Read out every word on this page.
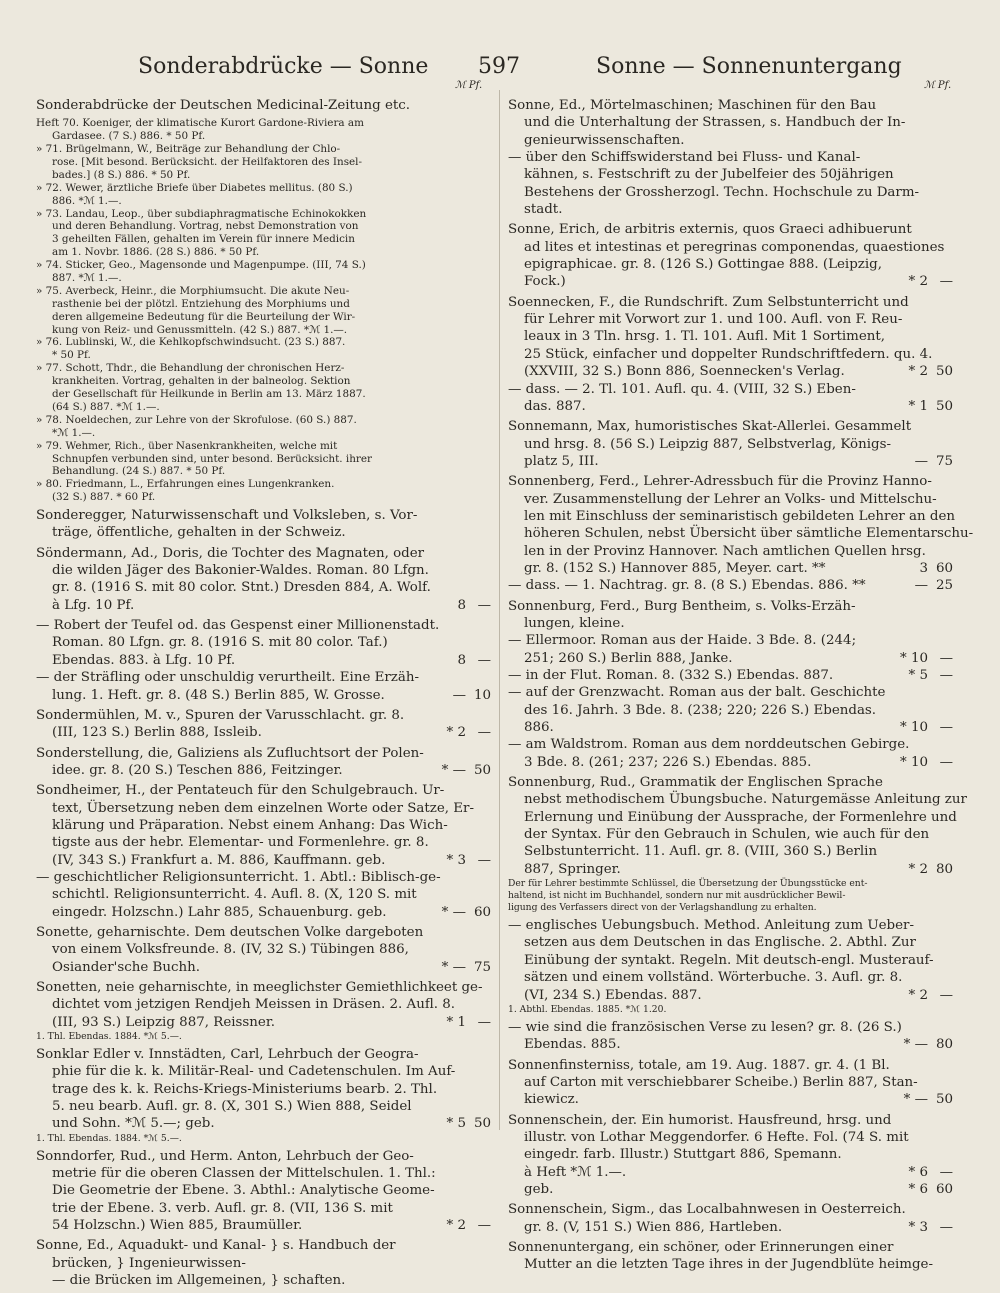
Sonderabdrücke — Sonne 597	Sonne — Sonnenuntergang
ℳ Pf.	ℳ Pf.
Sonderabdrücke der Deutschen Medicinal-Zeitung etc.
Heft 70. Koeniger, der klimatische Kurort Gardone-Riviera am
Gardasee. (7 S.) 886. * 50 Pf.
» 71. Brügelmann, W., Beiträge zur Behandlung der Chlo-
rose. [Mit besond. Berücksicht. der Heilfaktoren des Insel-
bades.] (8 S.) 886. * 50 Pf.
» 72. Wewer, ärztliche Briefe über Diabetes mellitus. (80 S.)
886. *ℳ 1.—.
» 73. Landau, Leop., über subdiaphragmatische Echinokokken
und deren Behandlung. Vortrag, nebst Demonstration von
3 geheilten Fällen, gehalten im Verein für innere Medicin
am 1. Novbr. 1886. (28 S.) 886. * 50 Pf.
» 74. Sticker, Geo., Magensonde und Magenpumpe. (III, 74 S.)
887. *ℳ 1.—.
» 75. Averbeck, Heinr., die Morphiumsucht. Die akute Neu-
rasthenie bei der plötzl. Entziehung des Morphiums und
deren allgemeine Bedeutung für die Beurteilung der Wir-
kung von Reiz- und Genussmitteln. (42 S.) 887. *ℳ 1.—.
» 76. Lublinski, W., die Kehlkopfschwindsucht. (23 S.) 887.
* 50 Pf.
» 77. Schott, Thdr., die Behandlung der chronischen Herz-
krankheiten. Vortrag, gehalten in der balneolog. Sektion
der Gesellschaft für Heilkunde in Berlin am 13. März 1887.
(64 S.) 887. *ℳ 1.—.
» 78. Noeldechen, zur Lehre von der Skrofulose. (60 S.) 887.
*ℳ 1.—.
» 79. Wehmer, Rich., über Nasenkrankheiten, welche mit
Schnupfen verbunden sind, unter besond. Berücksicht. ihrer
Behandlung. (24 S.) 887. * 50 Pf.
» 80. Friedmann, L., Erfahrungen eines Lungenkranken.
(32 S.) 887. * 60 Pf.
Sonderegger, Naturwissenschaft und Volksleben, s. Vor-
träge, öffentliche, gehalten in der Schweiz.
Söndermann, Ad., Doris, die Tochter des Magnaten, oder
die wilden Jäger des Bakonier-Waldes. Roman. 80 Lfgn.
gr. 8. (1916 S. mit 80 color. Stnt.) Dresden 884, A. Wolf.
à Lfg. 10 Pf.	8 —
— Robert der Teufel od. das Gespenst einer Millionenstadt.
Roman. 80 Lfgn. gr. 8. (1916 S. mit 80 color. Taf.)
Ebendas. 883. à Lfg. 10 Pf.	8 —
— der Sträfling oder unschuldig verurtheilt. Eine Erzäh-
lung. 1. Heft. gr. 8. (48 S.) Berlin 885, W. Grosse.	— 10
Sondermühlen, M. v., Spuren der Varusschlacht. gr. 8.
(III, 123 S.) Berlin 888, Issleib.	* 2 —
Sonderstellung, die, Galiziens als Zufluchtsort der Polen-
idee. gr. 8. (20 S.) Teschen 886, Feitzinger.	* — 50
Sondheimer, H., der Pentateuch für den Schulgebrauch. Ur-
text, Übersetzung neben dem einzelnen Worte oder Satze, Er-
klärung und Präparation. Nebst einem Anhang: Das Wich-
tigste aus der hebr. Elementar- und Formenlehre. gr. 8.
(IV, 343 S.) Frankfurt a. M. 886, Kauffmann. geb.	* 3 —
— geschichtlicher Religionsunterricht. 1. Abtl.: Biblisch-ge-
schichtl. Religionsunterricht. 4. Aufl. 8. (X, 120 S. mit
eingedr. Holzschn.) Lahr 885, Schauenburg. geb.	* — 60
Sonette, geharnischte. Dem deutschen Volke dargeboten
von einem Volksfreunde. 8. (IV, 32 S.) Tübingen 886,
Osiander'sche Buchh.	* — 75
Sonetten, neie geharnischte, in meeglichster Gemiethlichkeet ge-
dichtet vom jetzigen Rendjeh Meissen in Dräsen. 2. Aufl. 8.
(III, 93 S.) Leipzig 887, Reissner.	* 1 —
1. Thl. Ebendas. 1884. *ℳ 5.—.
Sonklar Edler v. Innstädten, Carl, Lehrbuch der Geogra-
phie für die k. k. Militär-Real- und Cadetenschulen. Im Auf-
trage des k. k. Reichs-Kriegs-Ministeriums bearb. 2. Thl.
5. neu bearb. Aufl. gr. 8. (X, 301 S.) Wien 888, Seidel
und Sohn. *ℳ 5.—; geb.	* 5 50
1. Thl. Ebendas. 1884. *ℳ 5.—.
Sonndorfer, Rud., und Herm. Anton, Lehrbuch der Geo-
metrie für die oberen Classen der Mittelschulen. 1. Thl.:
Die Geometrie der Ebene. 3. Abthl.: Analytische Geome-
trie der Ebene. 3. verb. Aufl. gr. 8. (VII, 136 S. mit
54 Holzschn.) Wien 885, Braumüller.	* 2 —
Sonne, Ed., Aquadukt- und Kanal- } s. Handbuch der
brücken, } Ingenieurwissen-
— die Brücken im Allgemeinen, } schaften.
Sonne, Ed., Mörtelmaschinen; Maschinen für den Bau
und die Unterhaltung der Strassen, s. Handbuch der In-
genieurwissenschaften.
— über den Schiffswiderstand bei Fluss- und Kanal-
kähnen, s. Festschrift zu der Jubelfeier des 50jährigen
Bestehens der Grossherzogl. Techn. Hochschule zu Darm-
stadt.
Sonne, Erich, de arbitris externis, quos Graeci adhibuerunt
ad lites et intestinas et peregrinas componendas, quaestiones
epigraphicae. gr. 8. (126 S.) Gottingae 888. (Leipzig,
Fock.)	* 2 —
Soennecken, F., die Rundschrift. Zum Selbstunterricht und
für Lehrer mit Vorwort zur 1. und 100. Aufl. von F. Reu-
leaux in 3 Tln. hrsg. 1. Tl. 101. Aufl. Mit 1 Sortiment,
25 Stück, einfacher und doppelter Rundschriftfedern. qu. 4.
(XXVIII, 32 S.) Bonn 886, Soennecken's Verlag.	* 2 50
— dass. — 2. Tl. 101. Aufl. qu. 4. (VIII, 32 S.) Eben-
das. 887.	* 1 50
Sonnemann, Max, humoristisches Skat-Allerlei. Gesammelt
und hrsg. 8. (56 S.) Leipzig 887, Selbstverlag, Königs-
platz 5, III.	— 75
Sonnenberg, Ferd., Lehrer-Adressbuch für die Provinz Hanno-
ver. Zusammenstellung der Lehrer an Volks- und Mittelschu-
len mit Einschluss der seminaristisch gebildeten Lehrer an den
höheren Schulen, nebst Übersicht über sämtliche Elementarschu-
len in der Provinz Hannover. Nach amtlichen Quellen hrsg.
gr. 8. (152 S.) Hannover 885, Meyer. cart. **	3 60
— dass. — 1. Nachtrag. gr. 8. (8 S.) Ebendas. 886. **	— 25
Sonnenburg, Ferd., Burg Bentheim, s. Volks-Erzäh-
lungen, kleine.
— Ellermoor. Roman aus der Haide. 3 Bde. 8. (244;
251; 260 S.) Berlin 888, Janke.	* 10 —
— in der Flut. Roman. 8. (332 S.) Ebendas. 887.	* 5 —
— auf der Grenzwacht. Roman aus der balt. Geschichte
des 16. Jahrh. 3 Bde. 8. (238; 220; 226 S.) Ebendas.
886.	* 10 —
— am Waldstrom. Roman aus dem norddeutschen Gebirge.
3 Bde. 8. (261; 237; 226 S.) Ebendas. 885.	* 10 —
Sonnenburg, Rud., Grammatik der Englischen Sprache
nebst methodischem Übungsbuche. Naturgemässe Anleitung zur
Erlernung und Einübung der Aussprache, der Formenlehre und
der Syntax. Für den Gebrauch in Schulen, wie auch für den
Selbstunterricht. 11. Aufl. gr. 8. (VIII, 360 S.) Berlin
887, Springer.	* 2 80
Der für Lehrer bestimmte Schlüssel, die Übersetzung der Übungsstücke ent-
haltend, ist nicht im Buchhandel, sondern nur mit ausdrücklicher Bewil-
ligung des Verfassers direct von der Verlagshandlung zu erhalten.
— englisches Uebungsbuch. Method. Anleitung zum Ueber-
setzen aus dem Deutschen in das Englische. 2. Abthl. Zur
Einübung der syntakt. Regeln. Mit deutsch-engl. Musterauf-
sätzen und einem vollständ. Wörterbuche. 3. Aufl. gr. 8.
(VI, 234 S.) Ebendas. 887.	* 2 —
1. Abthl. Ebendas. 1885. *ℳ 1.20.
— wie sind die französischen Verse zu lesen? gr. 8. (26 S.)
Ebendas. 885.	* — 80
Sonnenfinsterniss, totale, am 19. Aug. 1887. gr. 4. (1 Bl.
auf Carton mit verschiebbarer Scheibe.) Berlin 887, Stan-
kiewicz.	* — 50
Sonnenschein, der. Ein humorist. Hausfreund, hrsg. und
illustr. von Lothar Meggendorfer. 6 Hefte. Fol. (74 S. mit
eingedr. farb. Illustr.) Stuttgart 886, Spemann.
à Heft *ℳ 1.—.	* 6 —
geb.	* 6 60
Sonnenschein, Sigm., das Localbahnwesen in Oesterreich.
gr. 8. (V, 151 S.) Wien 886, Hartleben.	* 3 —
Sonnenuntergang, ein schöner, oder Erinnerungen einer
Mutter an die letzten Tage ihres in der Jugendblüte heimge-
